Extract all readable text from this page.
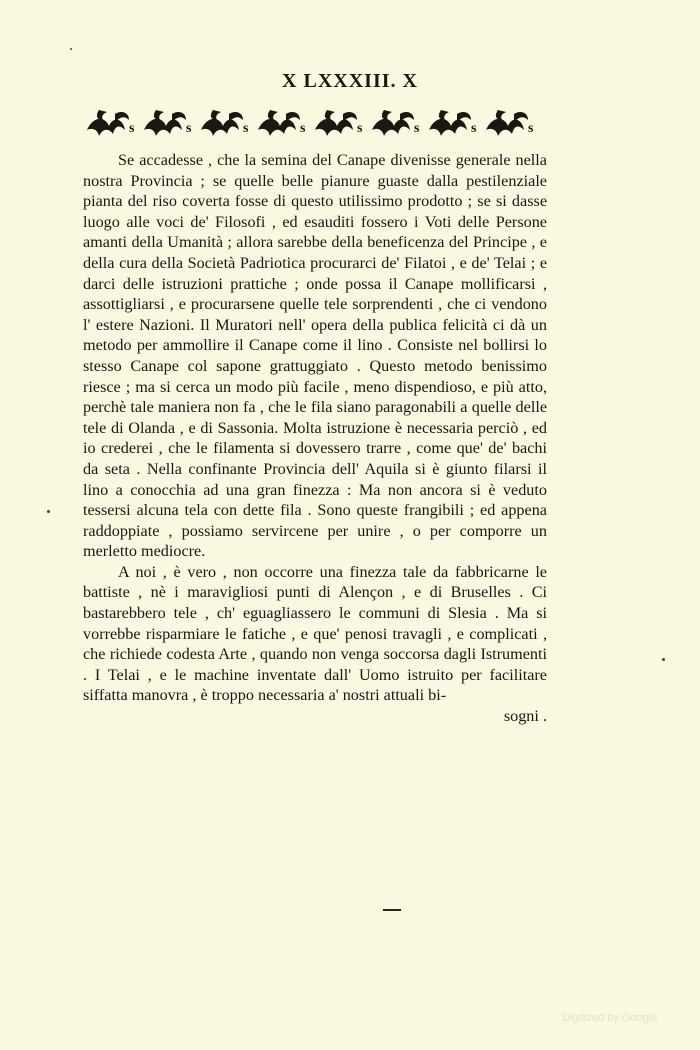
X LXXXIII. X
s

Se accadesse , che la semina del Canape divenisse generale nella nostra Provincia ; se quelle belle pianure guaste dalla pestilenziale pianta del riso coverta fosse di questo utilissimo prodotto ; se si dasse luogo alle voci de' Filosofi , ed esauditi fossero i Voti delle Persone amanti della Umanità ; allora sarebbe della beneficenza del Principe , e della cura della Società Padriotica procurarci de' Filatoi , e de' Telai ; e darci delle istruzioni prattiche ; onde possa il Canape mollificarsi , assottigliarsi , e procurarsene quelle tele sorprendenti , che ci vendono l' estere Nazioni. Il Muratori nell' opera della publica felicità ci dà un metodo per ammollire il Canape come il lino . Consiste nel bollirsi lo stesso Canape col sapone grattuggiato . Questo metodo benissimo riesce ; ma si cerca un modo più facile , meno dispendioso, e più atto, perchè tale maniera non fa , che le fila siano paragonabili a quelle delle tele di Olanda , e di Sassonia. Molta istruzione è necessaria perciò , ed io crederei , che le filamenta si dovessero trarre , come que' de' bachi da seta . Nella confinante Provincia dell' Aquila si è giunto filarsi il lino a conocchia ad una gran finezza : Ma non ancora si è veduto tessersi alcuna tela con dette fila . Sono queste frangibili ; ed appena raddoppiate , possiamo servircene per unire , o per comporre un merletto mediocre.

A noi , è vero , non occorre una finezza tale da fabbricarne le battiste , nè i maravigliosi punti di Alençon , e di Bruselles . Ci bastarebbero tele , ch' eguagliassero le communi di Slesia . Ma si vorrebbe risparmiare le fatiche , e que' penosi travagli , e complicati , che richiede codesta Arte , quando non venga soccorsa dagli Istrumenti . I Telai , e le machine inventate dall' Uomo istruito per facilitare siffatta manovra , è troppo necessaria a' nostri attuali bi-

sogni .

Digitized by Google
